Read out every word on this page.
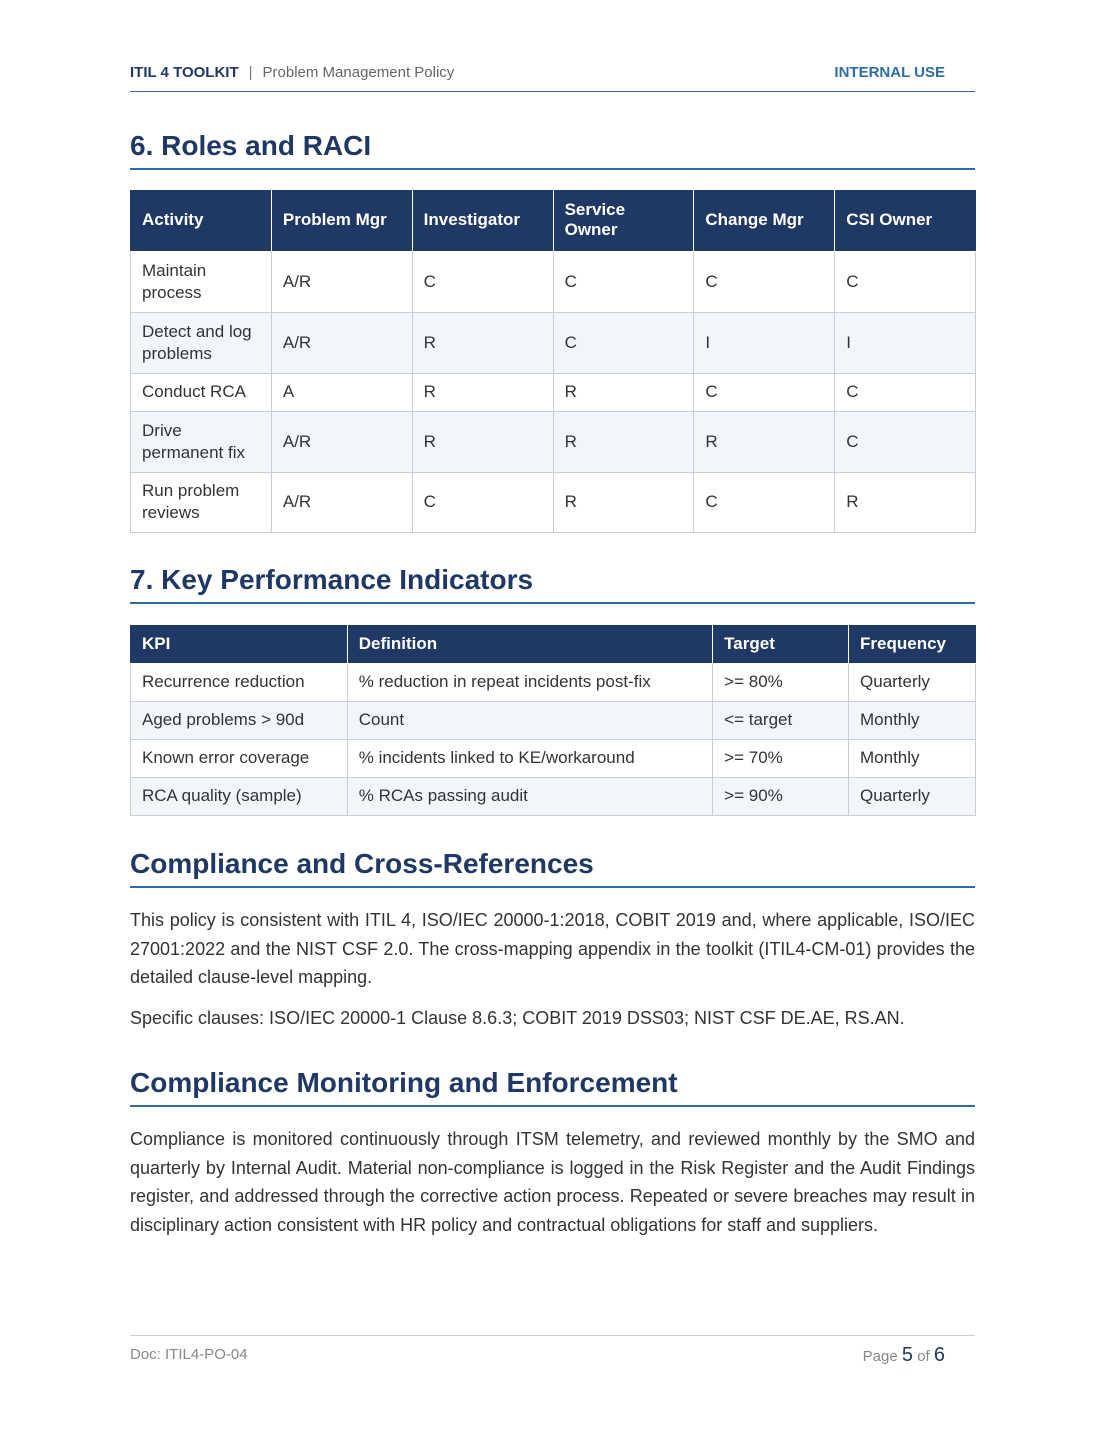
ITIL 4 TOOLKIT | Problem Management Policy	INTERNAL USE
6. Roles and RACI
Activity	Problem Mgr	Investigator	Service Owner	Change Mgr	CSI Owner
Maintain process	A/R	C	C	C	C
Detect and log problems	A/R	R	C	I	I
Conduct RCA	A	R	R	C	C
Drive permanent fix	A/R	R	R	R	C
Run problem reviews	A/R	C	R	C	R
7. Key Performance Indicators
KPI	Definition	Target	Frequency
Recurrence reduction	% reduction in repeat incidents post-fix	>= 80%	Quarterly
Aged problems > 90d	Count	<= target	Monthly
Known error coverage	% incidents linked to KE/workaround	>= 70%	Monthly
RCA quality (sample)	% RCAs passing audit	>= 90%	Quarterly
Compliance and Cross-References

This policy is consistent with ITIL 4, ISO/IEC 20000-1:2018, COBIT 2019 and, where applicable, ISO/IEC 27001:2022 and the NIST CSF 2.0. The cross-mapping appendix in the toolkit (ITIL4-CM-01) provides the detailed clause-level mapping.

Specific clauses: ISO/IEC 20000-1 Clause 8.6.3; COBIT 2019 DSS03; NIST CSF DE.AE, RS.AN.

Compliance Monitoring and Enforcement

Compliance is monitored continuously through ITSM telemetry, and reviewed monthly by the SMO and quarterly by Internal Audit. Material non-compliance is logged in the Risk Register and the Audit Findings register, and addressed through the corrective action process. Repeated or severe breaches may result in disciplinary action consistent with HR policy and contractual obligations for staff and suppliers.

Doc: ITIL4-PO-04	Page 5 of 6
